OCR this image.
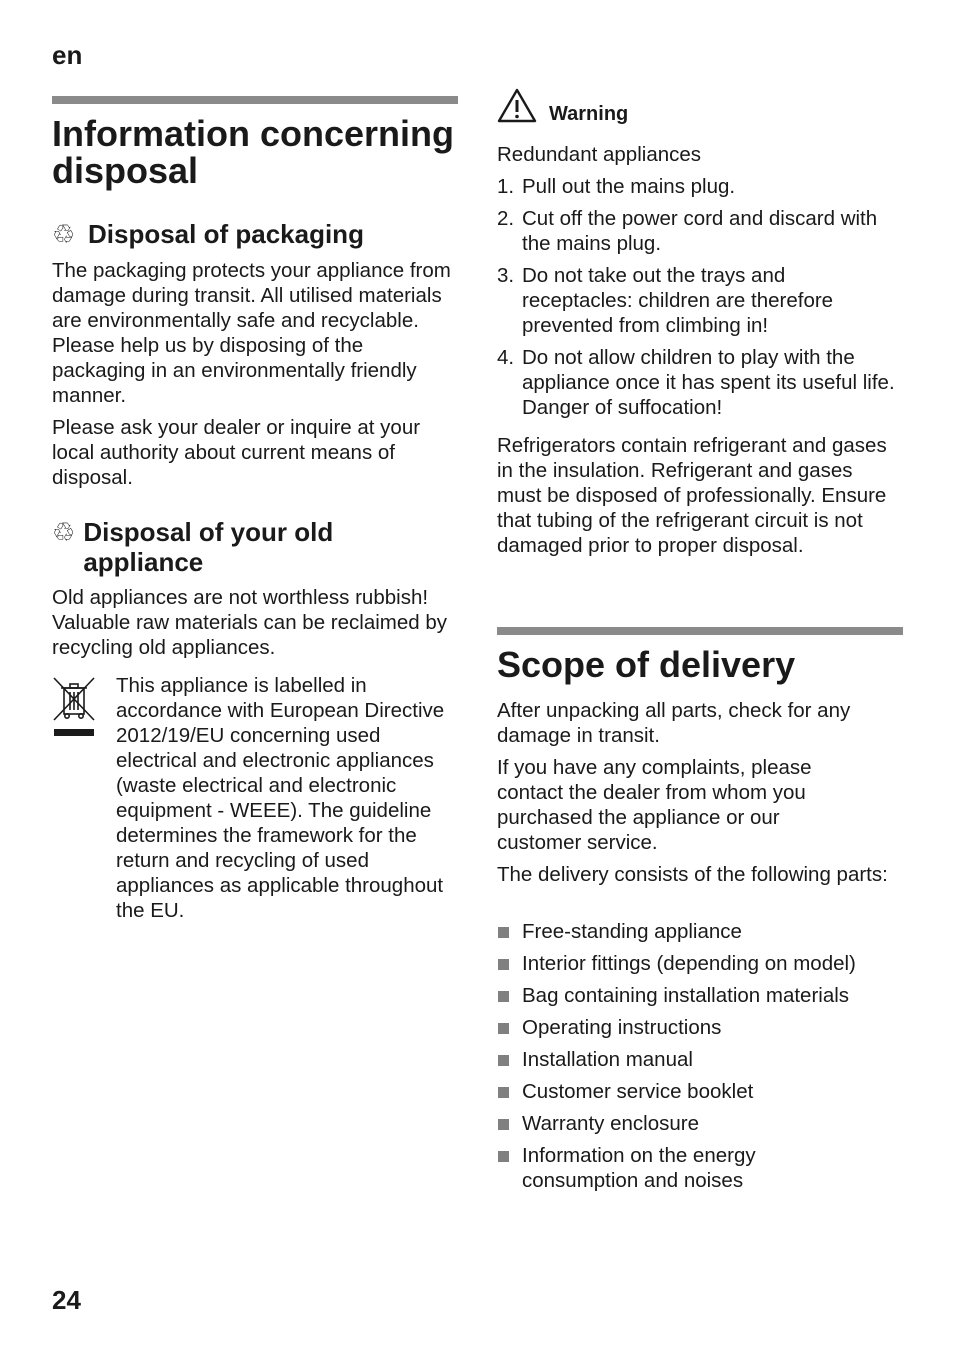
en
Information concerning disposal
♲ Disposal of packaging

The packaging protects your appliance from damage during transit. All utilised materials are environmentally safe and recyclable. Please help us by disposing of the packaging in an environmentally friendly manner.

Please ask your dealer or inquire at your local authority about current means of disposal.

♲ Disposal of your old appliance

Old appliances are not worthless rubbish! Valuable raw materials can be reclaimed by recycling old appliances.

This appliance is labelled in accordance with European Directive 2012/19/EU concerning used electrical and electronic appliances (waste electrical and electronic equipment - WEEE). The guideline determines the framework for the return and recycling of used appliances as applicable throughout the EU.

Warning

Redundant appliances

1. Pull out the mains plug.
2. Cut off the power cord and discard with the mains plug.
3. Do not take out the trays and receptacles: children are therefore prevented from climbing in!
4. Do not allow children to play with the appliance once it has spent its useful life. Danger of suffocation!

Refrigerators contain refrigerant and gases in the insulation. Refrigerant and gases must be disposed of professionally. Ensure that tubing of the refrigerant circuit is not damaged prior to proper disposal.

Scope of delivery

After unpacking all parts, check for any damage in transit.

If you have any complaints, please contact the dealer from whom you purchased the appliance or our customer service.

The delivery consists of the following parts:

Free-standing appliance
Interior fittings (depending on model)
Bag containing installation materials
Operating instructions
Installation manual
Customer service booklet
Warranty enclosure
Information on the energy consumption and noises
24
